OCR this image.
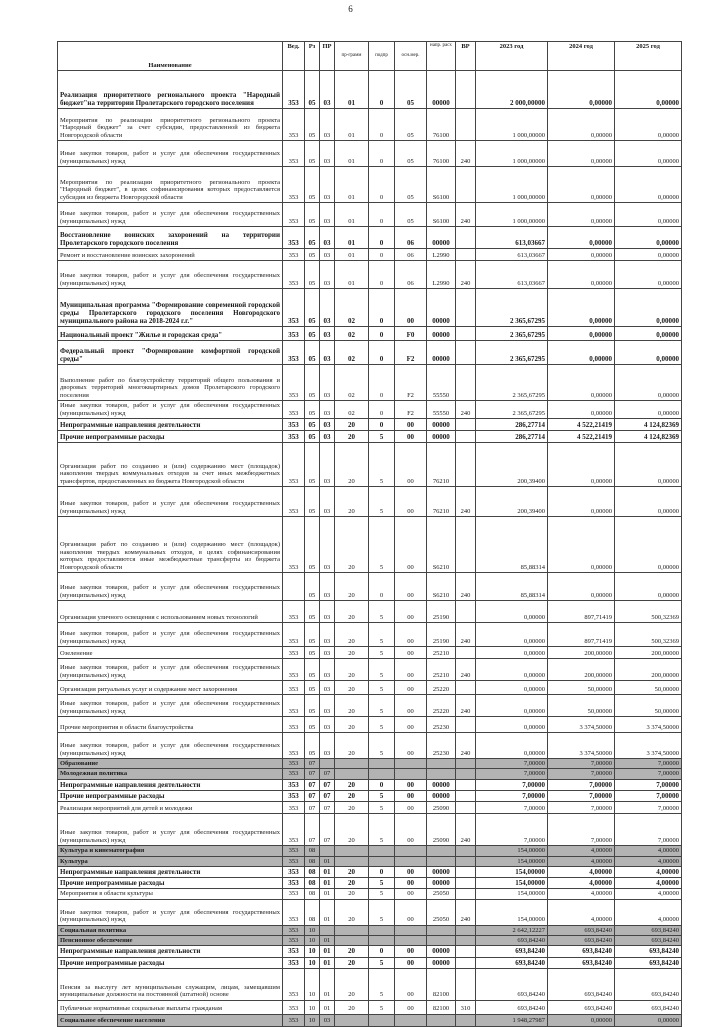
6
Наименование	Вед.	Рз	ПР	пр-грамм	подпр	осн.мер.	напр. расх	ВР	2023 год	2024 год	2025 год
Реализация приоритетного регионального проекта "Народный бюджет"на территории Пролетарского городского поселения	353	05	03	01	0	05	00000		2 000,00000	0,00000	0,00000
Мероприятия по реализации приоритетного регионального проекта "Народный бюджет" за счет субсидии, предоставленной из бюджета Новгородской области	353	05	03	01	0	05	76100		1 000,00000	0,00000	0,00000
Иные закупки товаров, работ и услуг для обеспечения государственных (муниципальных) нужд	353	05	03	01	0	05	76100	240	1 000,00000	0,00000	0,00000
Мероприятия по реализации приоритетного регионального проекта "Народный бюджет", в целях софинансирования которых предоставляется субсидия из бюджета Новгородской области	353	05	03	01	0	05	S6100		1 000,00000	0,00000	0,00000
Иные закупки товаров, работ и услуг для обеспечения государственных (муниципальных) нужд	353	05	03	01	0	05	S6100	240	1 000,00000	0,00000	0,00000
Восстановление воинских захоронений на территории Пролетарского городского поселения	353	05	03	01	0	06	00000		613,03667	0,00000	0,00000
Ремонт и восстановление воинских захоронений	353	05	03	01	0	06	L2990		613,03667	0,00000	0,00000
Иные закупки товаров, работ и услуг для обеспечения государственных (муниципальных) нужд	353	05	03	01	0	06	L2990	240	613,03667	0,00000	0,00000
Муниципальная программа "Формирование современной городской среды Пролетарского городского поселения Новгородского муниципального района на 2018-2024 г.г."	353	05	03	02	0	00	00000		2 365,67295	0,00000	0,00000
Национальный проект "Жилье и городская среда"	353	05	03	02	0	F0	00000		2 365,67295	0,00000	0,00000
Федеральный проект "Формирование комфортной городской среды"	353	05	03	02	0	F2	00000		2 365,67295	0,00000	0,00000
Выполнение работ по благоустройству территорий общего пользования и дворовых территорий многоквартирных домов Пролетарского городского поселения	353	05	03	02	0	F2	55550		2 365,67295	0,00000	0,00000
Иные закупки товаров, работ и услуг для обеспечения государственных (муниципальных) нужд	353	05	03	02	0	F2	55550	240	2 365,67295	0,00000	0,00000
Непрограммные направления деятельности	353	05	03	20	0	00	00000		286,27714	4 522,21419	4 124,82369
Прочие непрограммные расходы	353	05	03	20	5	00	00000		286,27714	4 522,21419	4 124,82369
Организация работ по созданию и (или) содержанию мест (площадок) накопления твердых коммунальных отходов за счет иных межбюджетных трансфертов, предоставленных из бюджета Новгородской области	353	05	03	20	5	00	76210		200,39400	0,00000	0,00000
Иные закупки товаров, работ и услуг для обеспечения государственных (муниципальных) нужд	353	05	03	20	5	00	76210	240	200,39400	0,00000	0,00000
Организация работ по созданию и (или) содержанию мест (площадок) накопления твердых коммунальных отходов, в целях софинансирования которых предоставляются иные межбюджетные трансферты из бюджета Новгородской области	353	05	03	20	5	00	S6210		85,88314	0,00000	0,00000
Иные закупки товаров, работ и услуг для обеспечения государственных (муниципальных) нужд		05	03	20	0	00	S6210	240	85,88314	0,00000	0,00000
Организация уличного освещения с использованием новых технологий	353	05	03	20	5	00	25190		0,00000	897,71419	500,32369
Иные закупки товаров, работ и услуг для обеспечения государственных (муниципальных) нужд	353	05	03	20	5	00	25190	240	0,00000	897,71419	500,32369
Озеленение	353	05	03	20	5	00	25210		0,00000	200,00000	200,00000
Иные закупки товаров, работ и услуг для обеспечения государственных (муниципальных) нужд	353	05	03	20	5	00	25210	240	0,00000	200,00000	200,00000
Организация ритуальных услуг и содержание мест захоронения	353	05	03	20	5	00	25220		0,00000	50,00000	50,00000
Иные закупки товаров, работ и услуг для обеспечения государственных (муниципальных) нужд	353	05	03	20	5	00	25220	240	0,00000	50,00000	50,00000
Прочие мероприятия в области благоустройства	353	05	03	20	5	00	25230		0,00000	3 374,50000	3 374,50000
Иные закупки товаров, работ и услуг для обеспечения государственных (муниципальных) нужд	353	05	03	20	5	00	25230	240	0,00000	3 374,50000	3 374,50000
Образование	353	07							7,00000	7,00000	7,00000
Молодежная политика	353	07	07						7,00000	7,00000	7,00000
Непрограммные направления деятельности	353	07	07	20	0	00	00000		7,00000	7,00000	7,00000
Прочие непрограммные расходы	353	07	07	20	5	00	00000		7,00000	7,00000	7,00000
Реализация мероприятий для детей и молодежи	353	07	07	20	5	00	25090		7,00000	7,00000	7,00000
Иные закупки товаров, работ и услуг для обеспечения государственных (муниципальных) нужд	353	07	07	20	5	00	25090	240	7,00000	7,00000	7,00000
Культура и кинематография	353	08							154,00000	4,00000	4,00000
Культура	353	08	01						154,00000	4,00000	4,00000
Непрограммные направления деятельности	353	08	01	20	0	00	00000		154,00000	4,00000	4,00000
Прочие непрограммные расходы	353	08	01	20	5	00	00000		154,00000	4,00000	4,00000
Мероприятия в области культуры	353	08	01	20	5	00	25050		154,00000	4,00000	4,00000
Иные закупки товаров, работ и услуг для обеспечения государственных (муниципальных) нужд	353	08	01	20	5	00	25050	240	154,00000	4,00000	4,00000
Социальная политика	353	10							2 642,12227	693,84240	693,84240
Пенсионное обеспечение	353	10	01						693,84240	693,84240	693,84240
Непрограммные направления деятельности	353	10	01	20	0	00	00000		693,84240	693,84240	693,84240
Прочие непрограммные расходы	353	10	01	20	5	00	00000		693,84240	693,84240	693,84240
Пенсия за выслугу лет муниципальным служащим, лицам, замещавшим муниципальные должности на постоянной (штатной) основе	353	10	01	20	5	00	82100		693,84240	693,84240	693,84240
Публичные нормативные социальные выплаты гражданам	353	10	01	20	5	00	82100	310	693,84240	693,84240	693,84240
Социальное обеспечение населения	353	10	03						1 948,27987	0,00000	0,00000
